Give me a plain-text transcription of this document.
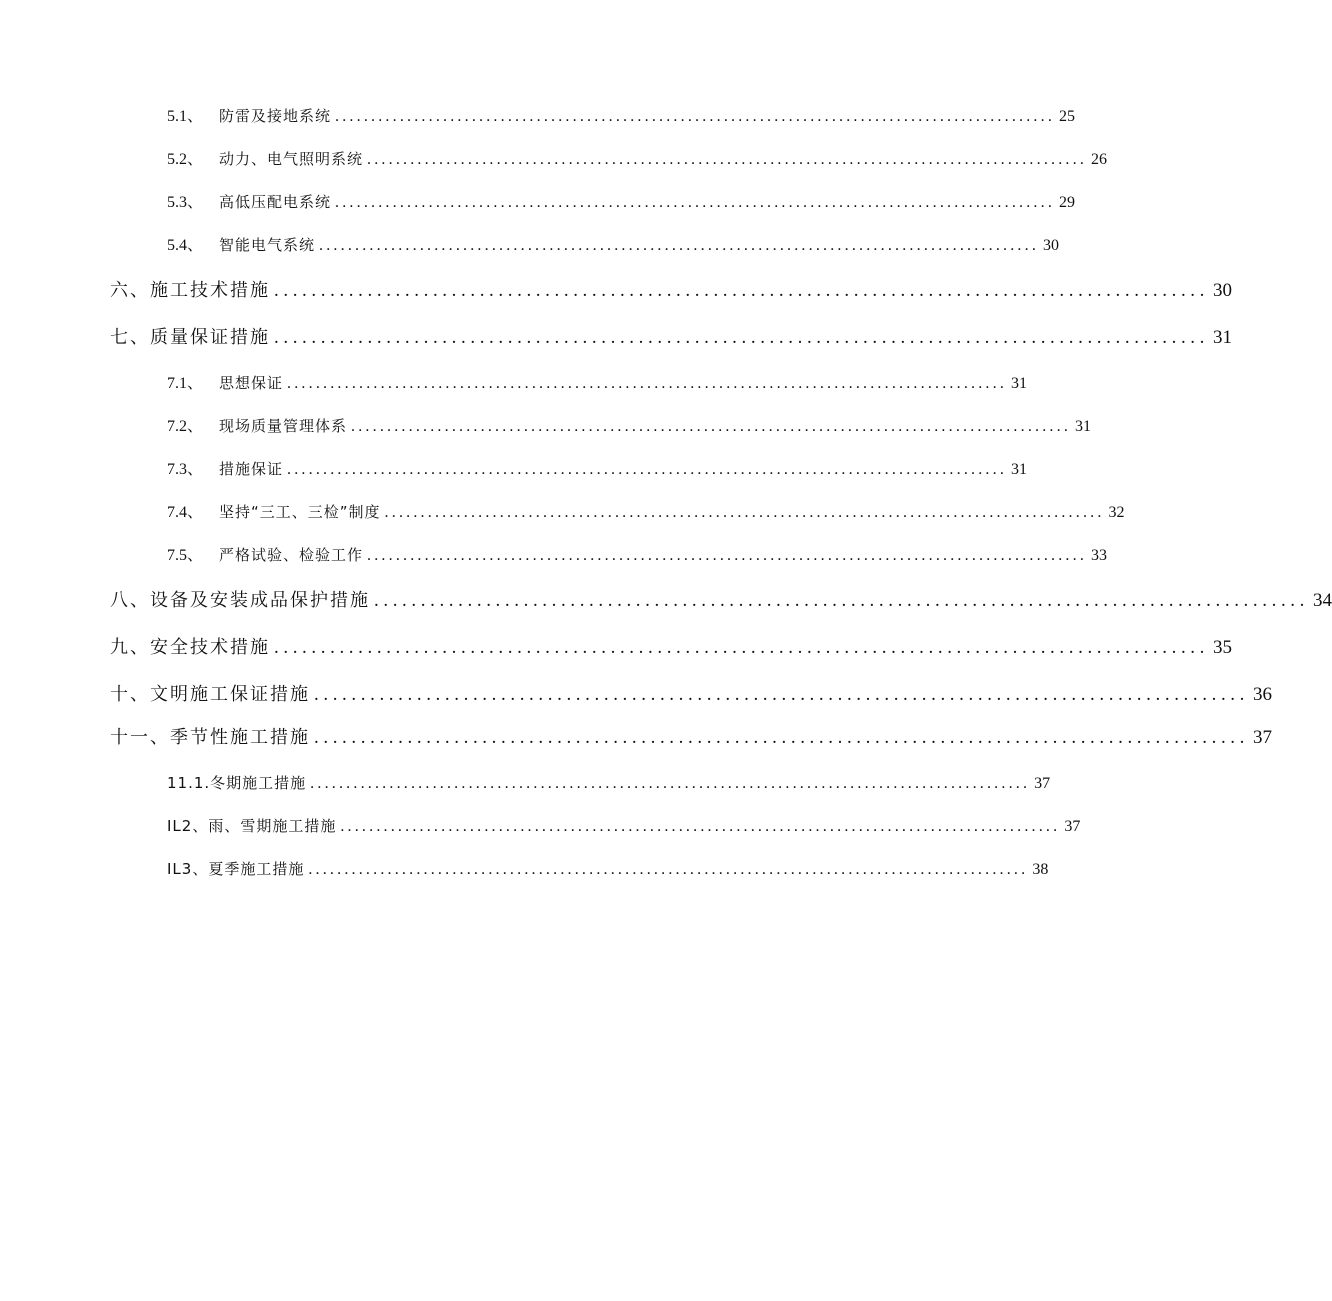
5.1、	防雷及接地系统 .................................................................................................... 25
5.2、	动力、电气照明系统 .................................................................................................... 26
5.3、	高低压配电系统 .................................................................................................... 29
5.4、	智能电气系统 .................................................................................................... 30
六、施工技术措施 .................................................................................................... 30
七、质量保证措施 .................................................................................................... 31
7.1、	思想保证 .................................................................................................... 31
7.2、	现场质量管理体系 .................................................................................................... 31
7.3、	措施保证 .................................................................................................... 31
7.4、	坚持“三工、三检”制度 .................................................................................................... 32
7.5、	严格试验、检验工作 .................................................................................................... 33
八、设备及安装成品保护措施 .................................................................................................... 34
九、安全技术措施 .................................................................................................... 35
十、文明施工保证措施 .................................................................................................... 36
十一、季节性施工措施 .................................................................................................... 37
11.1.冬期施工措施 .................................................................................................... 37
IL2、雨、雪期施工措施 .................................................................................................... 37
IL3、夏季施工措施 .................................................................................................... 38
